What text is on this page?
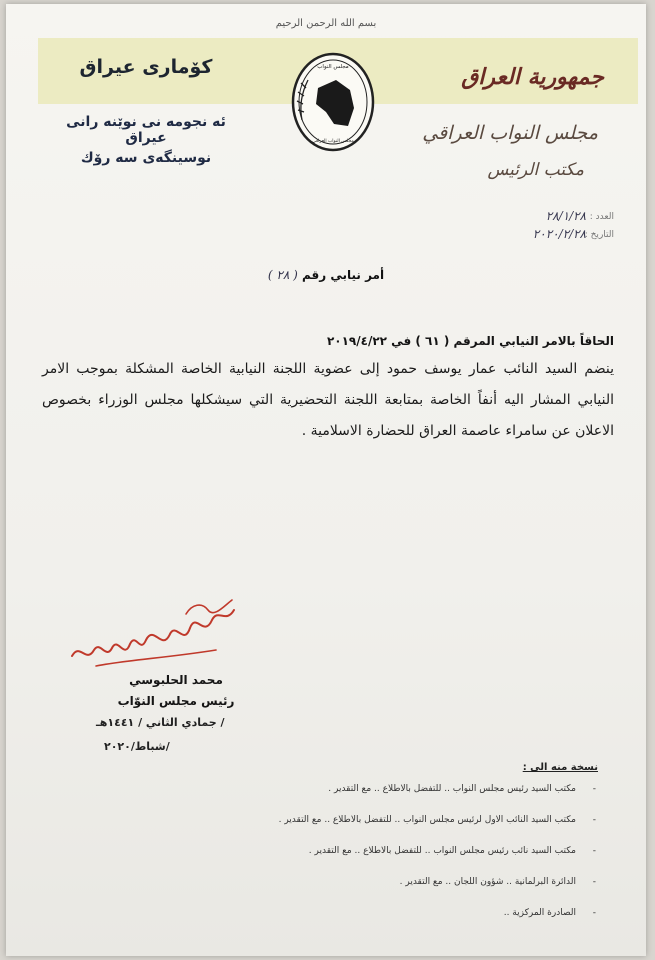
بسم الله الرحمن الرحيم
كۆمارى عيراق
ئه نجومه نى نوێنه رانى عيراق
نوسينگه‌ى سه رۆك
مجلس النواب
مجلس النواب العراقي
جمهورية العراق
مجلس النواب العراقي
مكتب الرئيس
العدد :
٢٨/١/٢٨
التاريخ :
٢٠٢٠/٢/٢٨
أمر نيابي رقم ( ٢٨ )
الحاقاً بالامر النيابي المرقم ( ٦١ ) في ٢٠١٩/٤/٢٢
ينضم السيد النائب عمار يوسف حمود إلى عضوية اللجنة النيابية الخاصة المشكلة بموجب الامر النيابي المشار اليه أنفاً الخاصة بمتابعة اللجنة التحضيرية التي سيشكلها مجلس الوزراء بخصوص الاعلان عن سامراء عاصمة العراق للحضارة الاسلامية .
محمد الحلبوسي
رئيس مجلس النوّاب
/ جمادي الثاني / ١٤٤١هـ
/شباط/٢٠٢٠
نسخة منه الى :
- مكتب السيد رئيس مجلس النواب .. للتفضل بالاطلاع .. مع التقدير .
- مكتب السيد النائب الاول لرئيس مجلس النواب .. للتفضل بالاطلاع .. مع التقدير .
- مكتب السيد نائب رئيس مجلس النواب .. للتفضل بالاطلاع .. مع التقدير .
- الدائرة البرلمانية .. شؤون اللجان .. مع التقدير .
- الصادرة المركزية ..
